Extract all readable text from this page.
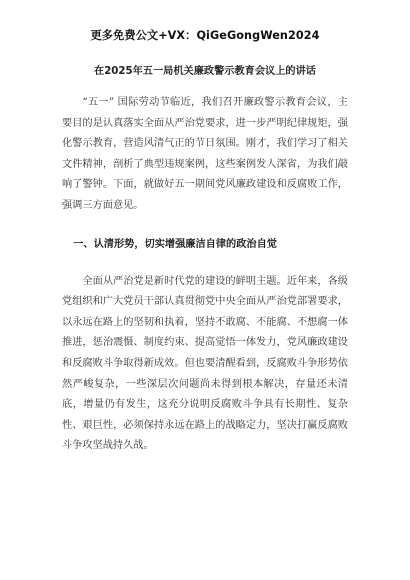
更多免费公文+VX：QiGeGongWen2024

在2025年五一局机关廉政警示教育会议上的讲话

“五一” 国际劳动节临近，我们召开廉政警示教育会议，主要目的是认真落实全面从严治党要求，进一步严明纪律规矩，强化警示教育，营造风清气正的节日氛围。刚才，我们学习了相关文件精神，剖析了典型违规案例，这些案例发人深省，为我们敲响了警钟。下面，就做好五一期间党风廉政建设和反腐败工作，强调三方面意见。

一、认清形势，切实增强廉洁自律的政治自觉

全面从严治党是新时代党的建设的鲜明主题。近年来，各级党组织和广大党员干部认真贯彻党中央全面从严治党部署要求，以永远在路上的坚韧和执着，坚持不敢腐、不能腐、不想腐一体推进，惩治震慑、制度约束、提高觉悟一体发力，党风廉政建设和反腐败斗争取得新成效。但也要清醒看到，反腐败斗争形势依然严峻复杂，一些深层次问题尚未得到根本解决，存量还未清底，增量仍有发生，这充分说明反腐败斗争具有长期性、复杂性、艰巨性，必须保持永远在路上的战略定力，坚决打赢反腐败斗争攻坚战持久战。
